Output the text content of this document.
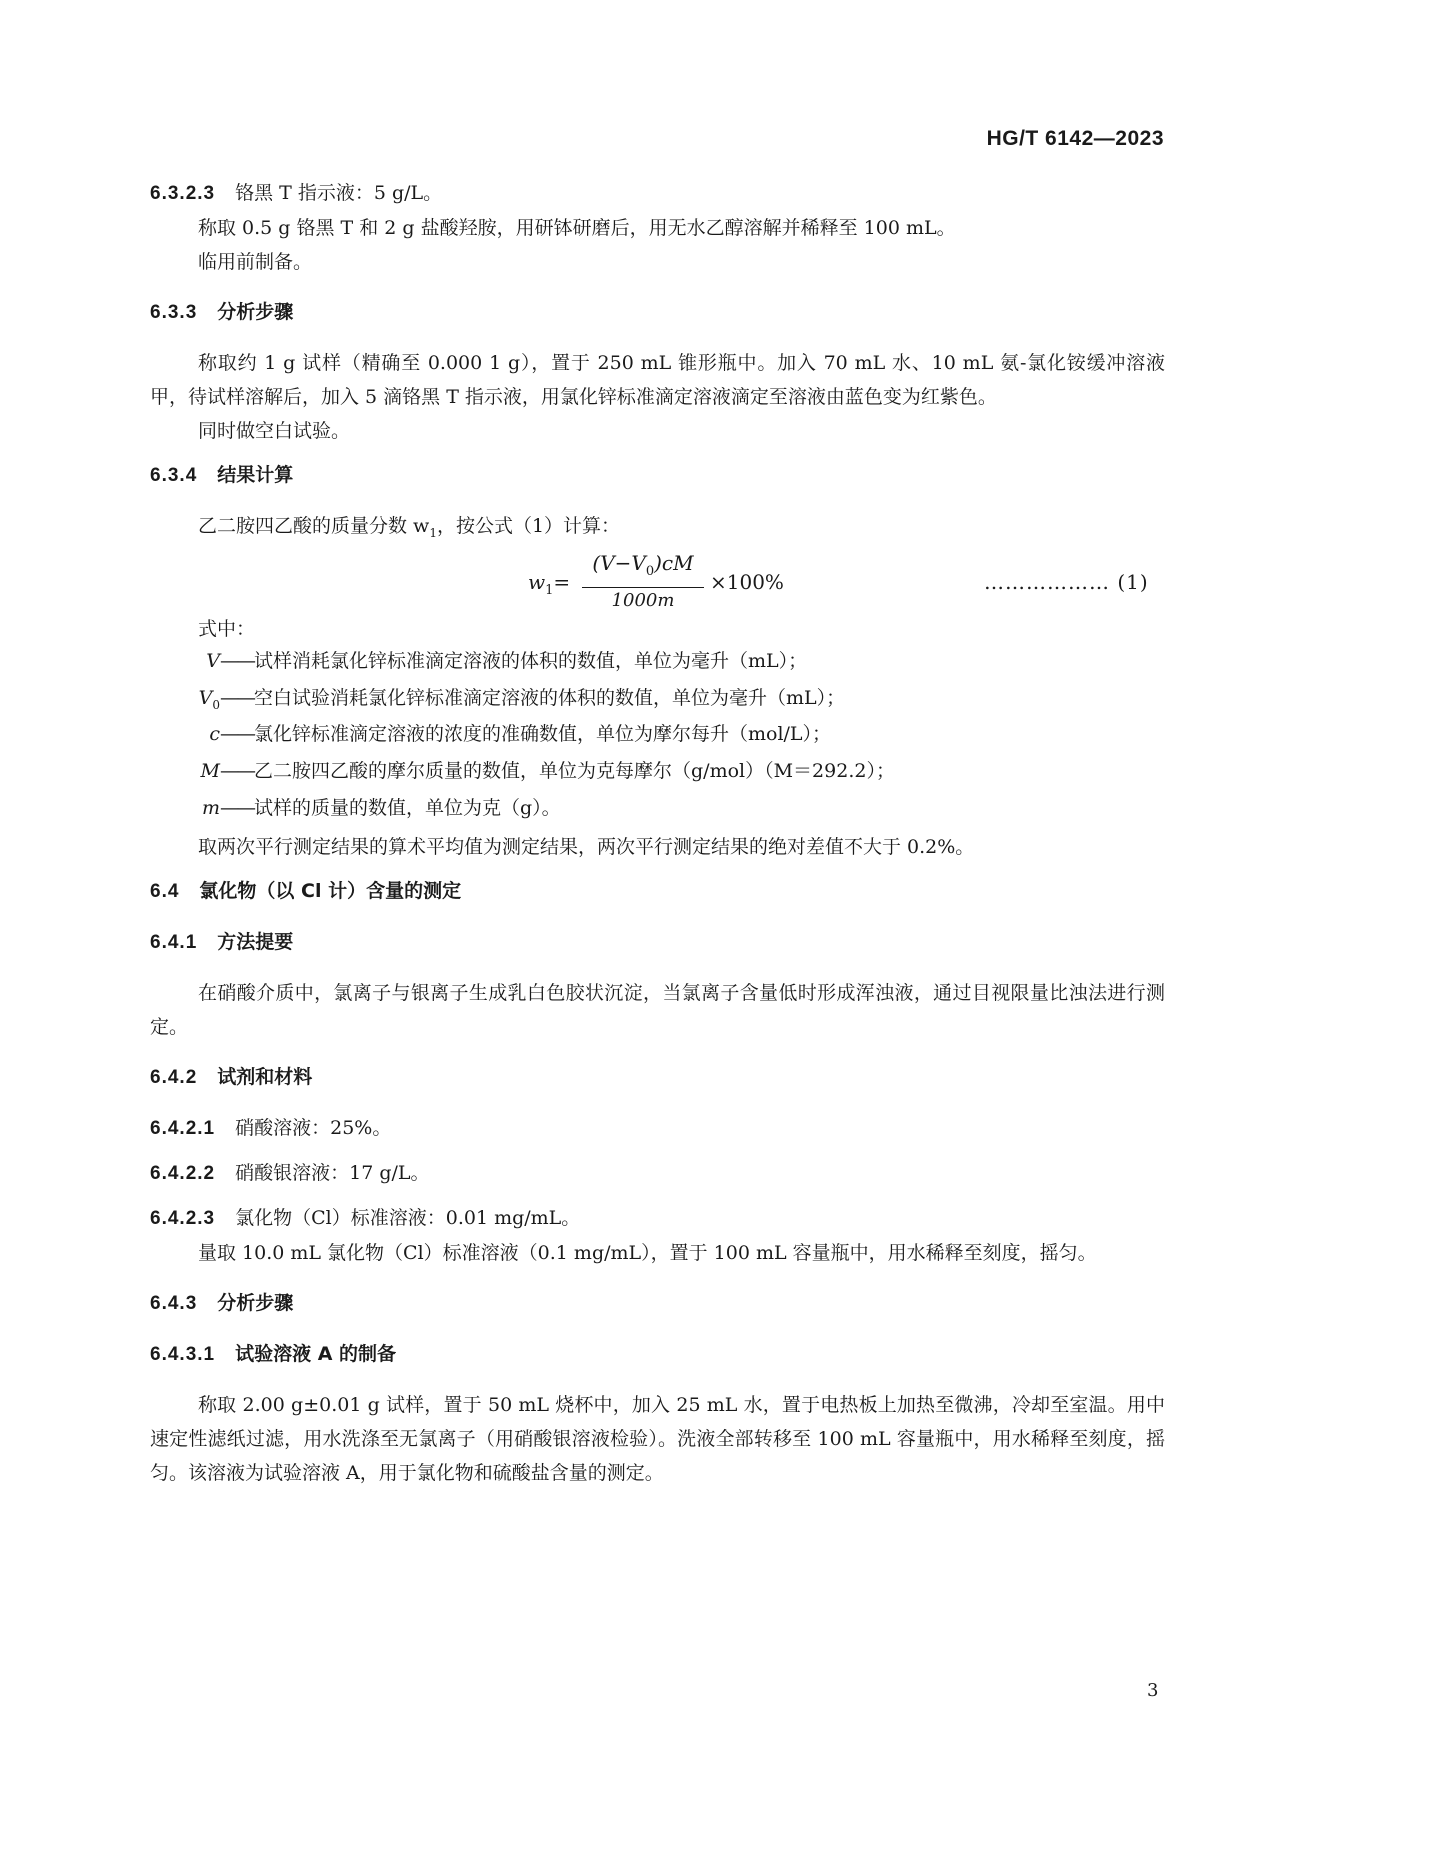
HG/T 6142—2023
6.3.2.3 铬黑 T 指示液：5 g/L。

称取 0.5 g 铬黑 T 和 2 g 盐酸羟胺，用研钵研磨后，用无水乙醇溶解并稀释至 100 mL。

临用前制备。

6.3.3 分析步骤

称取约 1 g 试样（精确至 0.000 1 g），置于 250 mL 锥形瓶中。加入 70 mL 水、10 mL 氨-氯化铵缓冲溶液甲，待试样溶解后，加入 5 滴铬黑 T 指示液，用氯化锌标准滴定溶液滴定至溶液由蓝色变为红紫色。

同时做空白试验。

6.3.4 结果计算

乙二胺四乙酸的质量分数 $w_1$，按公式（1）计算：

$w_1= \frac{(V-V_0)cM}{1000m} \times 100\%$	……………… (1)

式中：

V——试样消耗氯化锌标准滴定溶液的体积的数值，单位为毫升（mL）；
$V_0——$空白试验消耗氯化锌标准滴定溶液的体积的数值，单位为毫升（mL）；
c——氯化锌标准滴定溶液的浓度的准确数值，单位为摩尔每升（mol/L）；
M——乙二胺四乙酸的摩尔质量的数值，单位为克每摩尔（g/mol）（M＝292.2）；
m——试样的质量的数值，单位为克（g）。

取两次平行测定结果的算术平均值为测定结果，两次平行测定结果的绝对差值不大于 0.2%。

6.4 氯化物（以 Cl 计）含量的测定
6.4.1 方法提要

在硝酸介质中，氯离子与银离子生成乳白色胶状沉淀，当氯离子含量低时形成浑浊液，通过目视限量比浊法进行测定。

6.4.2 试剂和材料
6.4.2.1 硝酸溶液：25%。
6.4.2.2 硝酸银溶液：17 g/L。
6.4.2.3 氯化物（Cl）标准溶液：0.01 mg/mL。

量取 10.0 mL 氯化物（Cl）标准溶液（0.1 mg/mL），置于 100 mL 容量瓶中，用水稀释至刻度，摇匀。

6.4.3 分析步骤
6.4.3.1 试验溶液 A 的制备

称取 2.00 g±0.01 g 试样，置于 50 mL 烧杯中，加入 25 mL 水，置于电热板上加热至微沸，冷却至室温。用中速定性滤纸过滤，用水洗涤至无氯离子（用硝酸银溶液检验）。洗液全部转移至 100 mL 容量瓶中，用水稀释至刻度，摇匀。该溶液为试验溶液 A，用于氯化物和硫酸盐含量的测定。

3
